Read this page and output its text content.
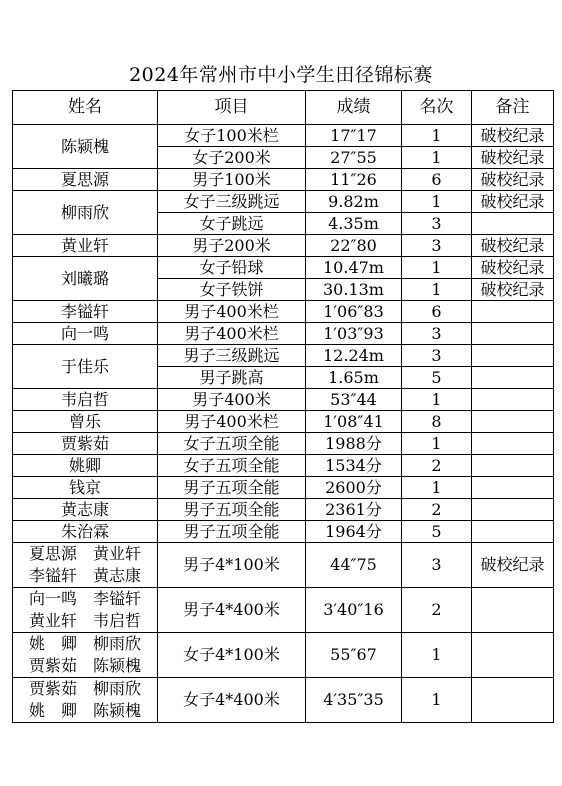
2024年常州市中小学生田径锦标赛
姓名	项目	成绩	名次	备注
陈颍槐	女子100米栏	17″17	1	破校纪录
	女子200米	27″55	1	破校纪录
夏思源	男子100米	11″26	6	破校纪录
柳雨欣	女子三级跳远	9.82m	1	破校纪录
	女子跳远	4.35m	3	
黄业轩	男子200米	22″80	3	破校纪录
刘曦璐	女子铅球	10.47m	1	破校纪录
	女子铁饼	30.13m	1	破校纪录
李镒轩	男子400米栏	1′06″83	6	
向一鸣	男子400米栏	1′03″93	3	
于佳乐	男子三级跳远	12.24m	3	
	男子跳高	1.65m	5	
韦启哲	男子400米	53″44	1	
曾乐	男子400米栏	1′08″41	8	
贾紫茹	女子五项全能	1988分	1	
姚卿	女子五项全能	1534分	2	
钱京	男子五项全能	2600分	1	
黄志康	男子五项全能	2361分	2	
朱治霖	男子五项全能	1964分	5	

夏思源　黄业轩
李镒轩　黄志康	男子4*100米	44″75	3	破校纪录

向一鸣　李镒轩
黄业轩　韦启哲	男子4*400米	3′40″16	2	

姚　卿　柳雨欣
贾紫茹　陈颍槐	女子4*100米	55″67	1	

贾紫茹　柳雨欣
姚　卿　陈颍槐	女子4*400米	4′35″35	1	
